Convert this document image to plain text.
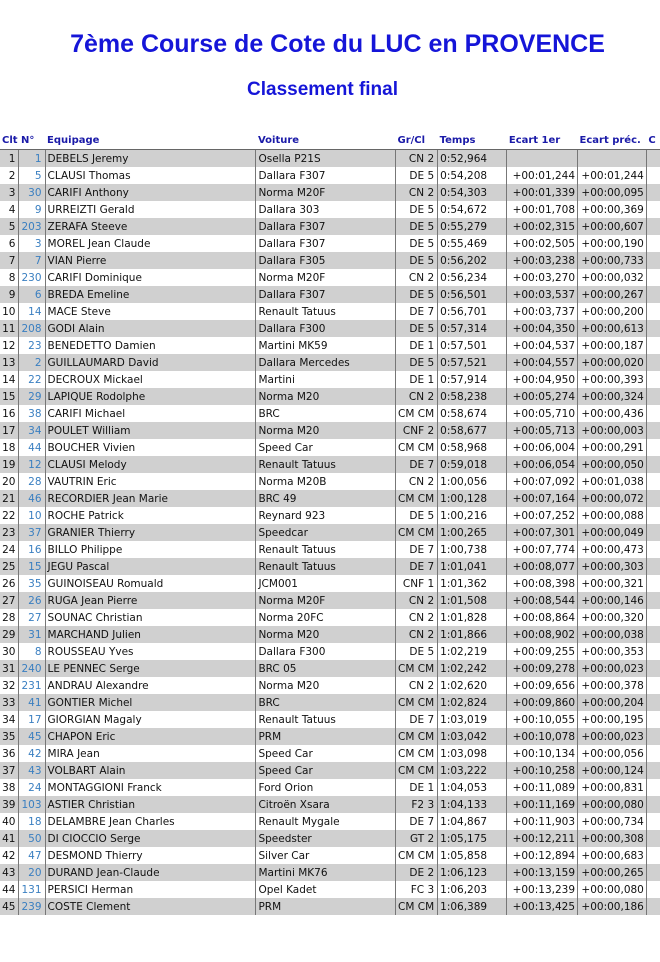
7ème Course de Cote du LUC en PROVENCE
Classement final
Clt	N°	Equipage	Voiture	Gr/Cl	Temps	Ecart 1er	Ecart préc.	C
1	1	DEBELS Jeremy	Osella P21S	CN 2	0:52,964			
2	5	CLAUSI Thomas	Dallara F307	DE 5	0:54,208	+00:01,244	+00:01,244	
3	30	CARIFI Anthony	Norma M20F	CN 2	0:54,303	+00:01,339	+00:00,095	
4	9	URREIZTI Gerald	Dallara 303	DE 5	0:54,672	+00:01,708	+00:00,369	
5	203	ZERAFA Steeve	Dallara F307	DE 5	0:55,279	+00:02,315	+00:00,607	
6	3	MOREL Jean Claude	Dallara F307	DE 5	0:55,469	+00:02,505	+00:00,190	
7	7	VIAN Pierre	Dallara F305	DE 5	0:56,202	+00:03,238	+00:00,733	
8	230	CARIFI Dominique	Norma M20F	CN 2	0:56,234	+00:03,270	+00:00,032	
9	6	BREDA Emeline	Dallara F307	DE 5	0:56,501	+00:03,537	+00:00,267	
10	14	MACE Steve	Renault Tatuus	DE 7	0:56,701	+00:03,737	+00:00,200	
11	208	GODI Alain	Dallara F300	DE 5	0:57,314	+00:04,350	+00:00,613	
12	23	BENEDETTO Damien	Martini MK59	DE 1	0:57,501	+00:04,537	+00:00,187	
13	2	GUILLAUMARD David	Dallara Mercedes	DE 5	0:57,521	+00:04,557	+00:00,020	
14	22	DECROUX Mickael	Martini	DE 1	0:57,914	+00:04,950	+00:00,393	
15	29	LAPIQUE Rodolphe	Norma M20	CN 2	0:58,238	+00:05,274	+00:00,324	
16	38	CARIFI Michael	BRC	CM CM	0:58,674	+00:05,710	+00:00,436	
17	34	POULET William	Norma M20	CNF 2	0:58,677	+00:05,713	+00:00,003	
18	44	BOUCHER Vivien	Speed Car	CM CM	0:58,968	+00:06,004	+00:00,291	
19	12	CLAUSI Melody	Renault Tatuus	DE 7	0:59,018	+00:06,054	+00:00,050	
20	28	VAUTRIN Eric	Norma M20B	CN 2	1:00,056	+00:07,092	+00:01,038	
21	46	RECORDIER Jean Marie	BRC 49	CM CM	1:00,128	+00:07,164	+00:00,072	
22	10	ROCHE Patrick	Reynard 923	DE 5	1:00,216	+00:07,252	+00:00,088	
23	37	GRANIER Thierry	Speedcar	CM CM	1:00,265	+00:07,301	+00:00,049	
24	16	BILLO Philippe	Renault Tatuus	DE 7	1:00,738	+00:07,774	+00:00,473	
25	15	JEGU Pascal	Renault Tatuus	DE 7	1:01,041	+00:08,077	+00:00,303	
26	35	GUINOISEAU Romuald	JCM001	CNF 1	1:01,362	+00:08,398	+00:00,321	
27	26	RUGA Jean Pierre	Norma M20F	CN 2	1:01,508	+00:08,544	+00:00,146	
28	27	SOUNAC Christian	Norma 20FC	CN 2	1:01,828	+00:08,864	+00:00,320	
29	31	MARCHAND Julien	Norma M20	CN 2	1:01,866	+00:08,902	+00:00,038	
30	8	ROUSSEAU Yves	Dallara F300	DE 5	1:02,219	+00:09,255	+00:00,353	
31	240	LE PENNEC Serge	BRC 05	CM CM	1:02,242	+00:09,278	+00:00,023	
32	231	ANDRAU Alexandre	Norma M20	CN 2	1:02,620	+00:09,656	+00:00,378	
33	41	GONTIER Michel	BRC	CM CM	1:02,824	+00:09,860	+00:00,204	
34	17	GIORGIAN Magaly	Renault Tatuus	DE 7	1:03,019	+00:10,055	+00:00,195	
35	45	CHAPON Eric	PRM	CM CM	1:03,042	+00:10,078	+00:00,023	
36	42	MIRA Jean	Speed Car	CM CM	1:03,098	+00:10,134	+00:00,056	
37	43	VOLBART Alain	Speed Car	CM CM	1:03,222	+00:10,258	+00:00,124	
38	24	MONTAGGIONI Franck	Ford Orion	DE 1	1:04,053	+00:11,089	+00:00,831	
39	103	ASTIER Christian	Citroën Xsara	F2 3	1:04,133	+00:11,169	+00:00,080	
40	18	DELAMBRE Jean Charles	Renault Mygale	DE 7	1:04,867	+00:11,903	+00:00,734	
41	50	DI CIOCCIO Serge	Speedster	GT 2	1:05,175	+00:12,211	+00:00,308	
42	47	DESMOND Thierry	Silver Car	CM CM	1:05,858	+00:12,894	+00:00,683	
43	20	DURAND Jean-Claude	Martini MK76	DE 2	1:06,123	+00:13,159	+00:00,265	
44	131	PERSICI Herman	Opel Kadet	FC 3	1:06,203	+00:13,239	+00:00,080	
45	239	COSTE Clement	PRM	CM CM	1:06,389	+00:13,425	+00:00,186	
